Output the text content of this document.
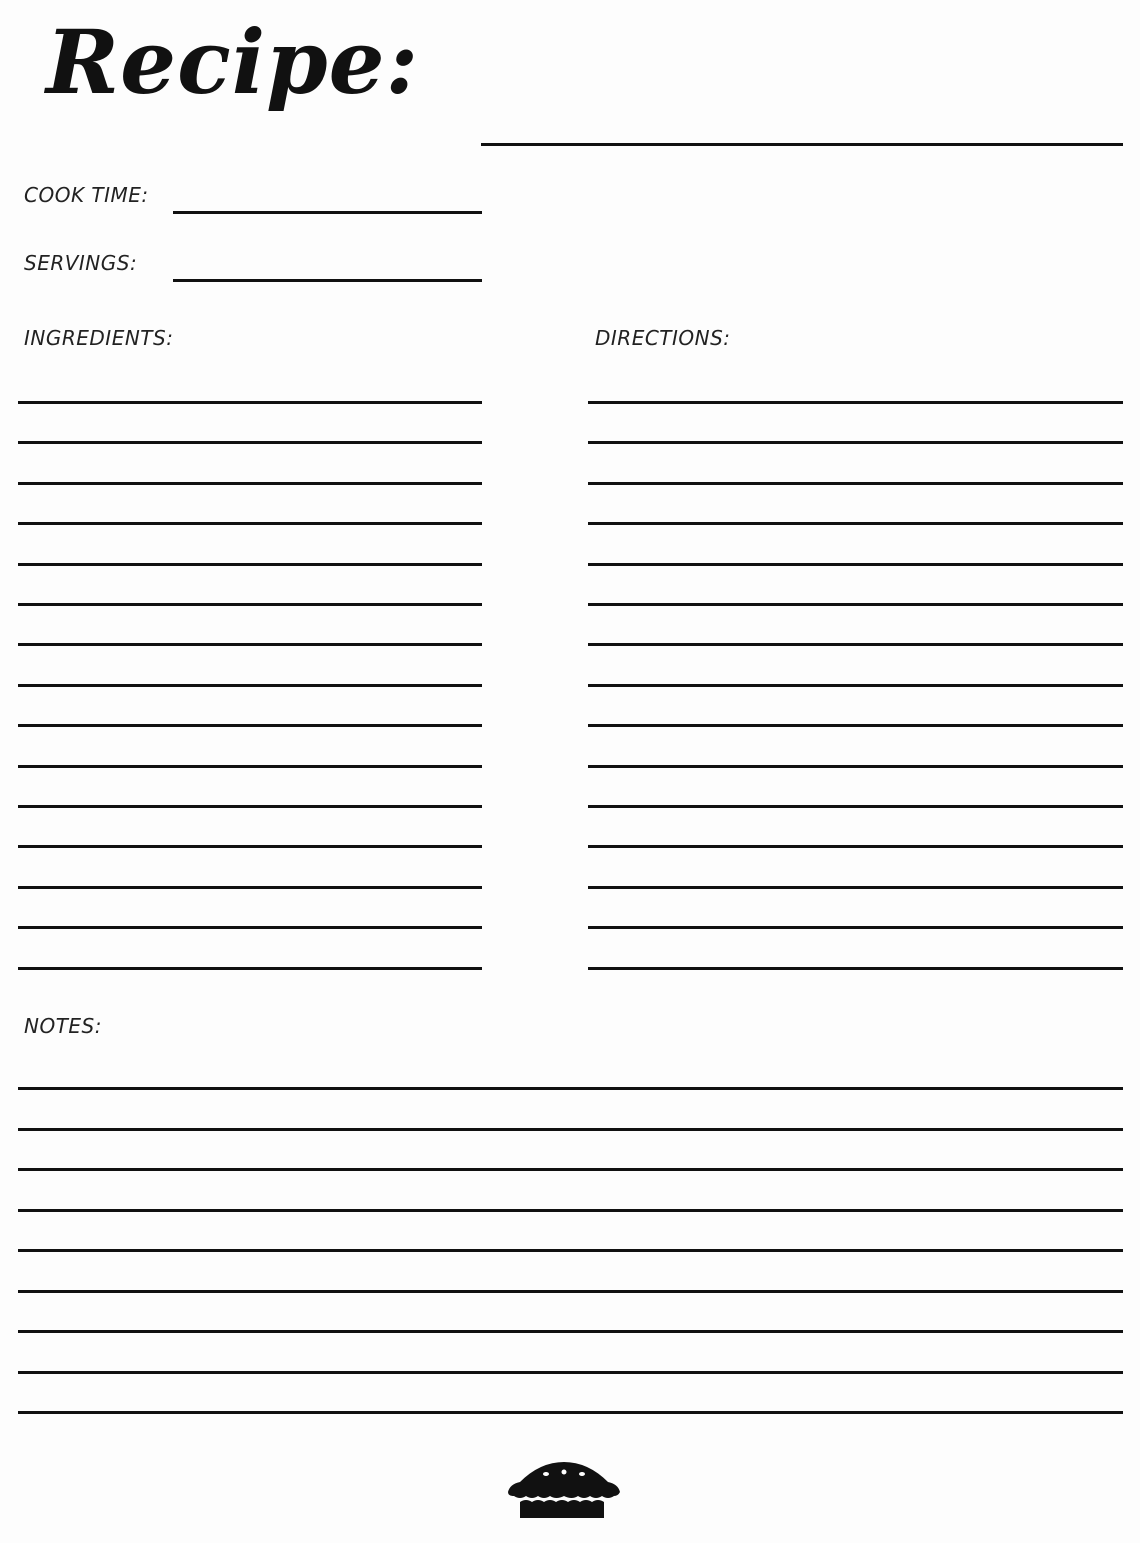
Recipe:
COOK TIME:
SERVINGS:
INGREDIENTS:	DIRECTIONS:
NOTES:
